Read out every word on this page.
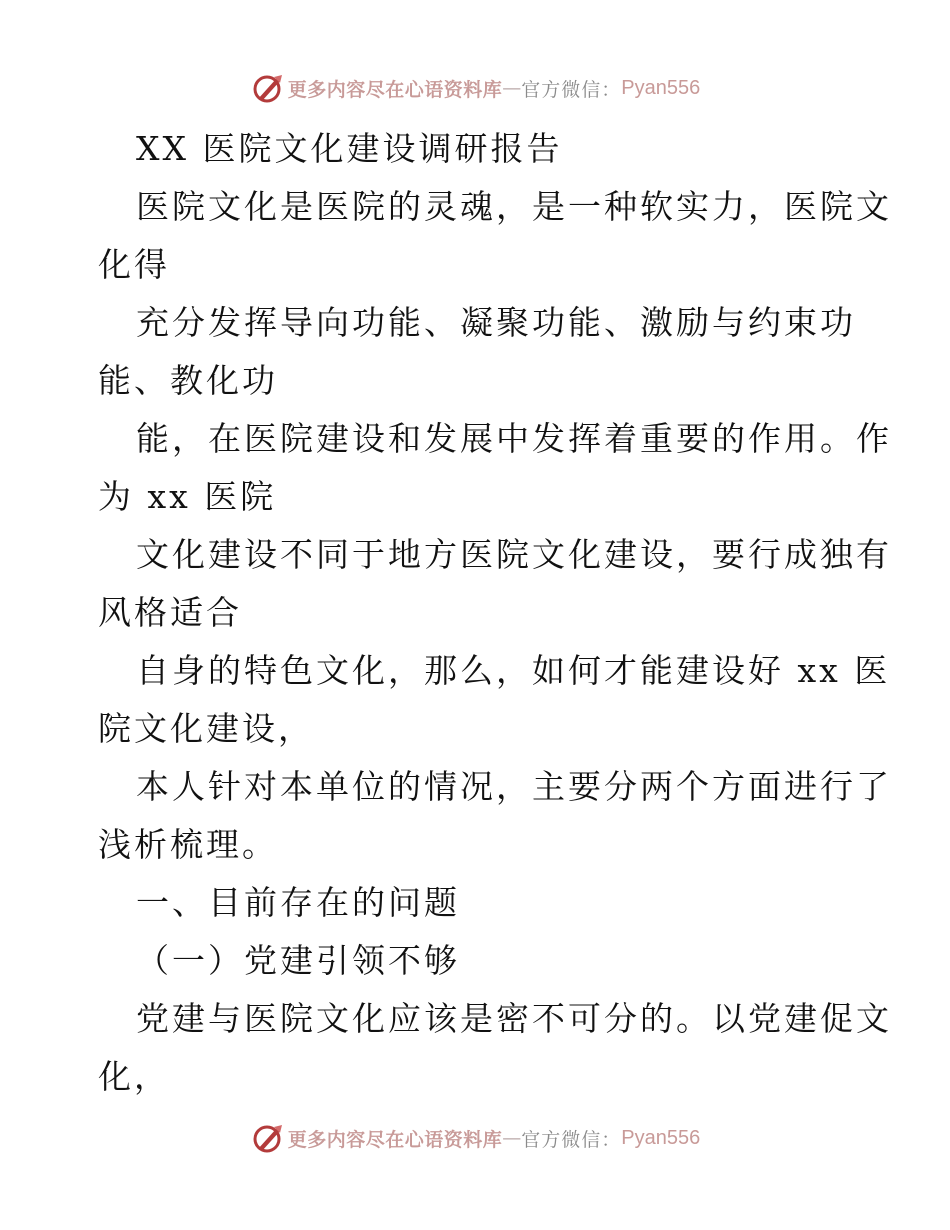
更多内容尽在心语资料库 — 官方微信： Pyan556
XX 医院文化建设调研报告
医院文化是医院的灵魂，是一种软实力，医院文
化得
充分发挥导向功能、凝聚功能、激励与约束功
能、教化功
能，在医院建设和发展中发挥着重要的作用。作
为 xx 医院
文化建设不同于地方医院文化建设，要行成独有
风格适合
自身的特色文化，那么，如何才能建设好 xx 医
院文化建设，
本人针对本单位的情况，主要分两个方面进行了
浅析梳理。
一、目前存在的问题
（一）党建引领不够
党建与医院文化应该是密不可分的。以党建促文
化，
更多内容尽在心语资料库 — 官方微信： Pyan556
